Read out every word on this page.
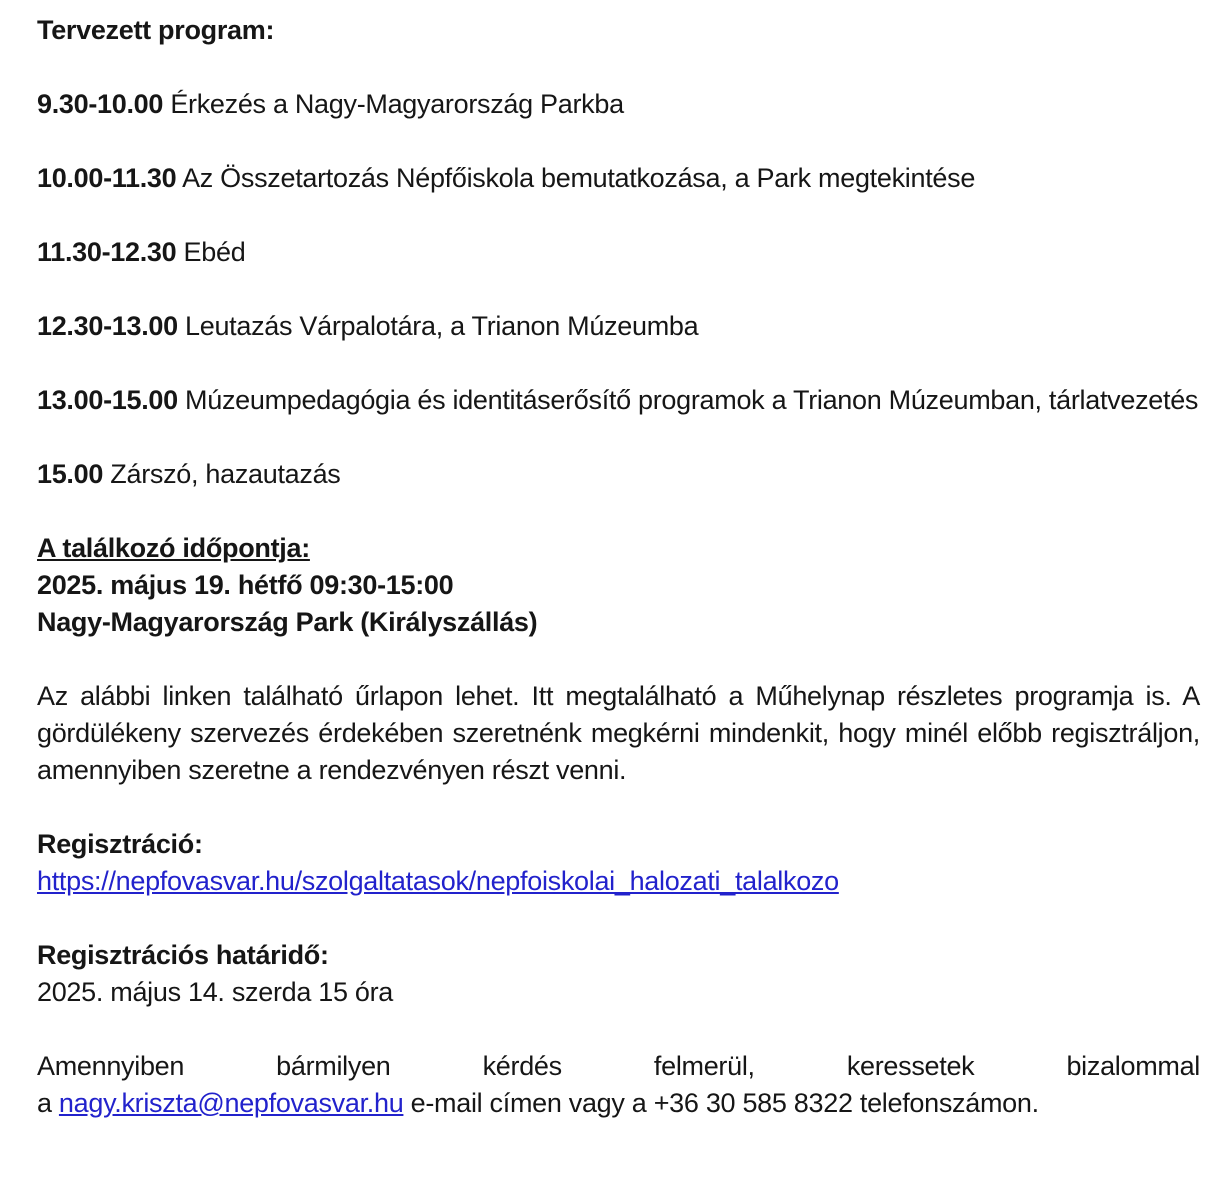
Tervezett program:

9.30-10.00 Érkezés a Nagy-Magyarország Parkba

10.00-11.30 Az Összetartozás Népfőiskola bemutatkozása, a Park megtekintése

11.30-12.30 Ebéd

12.30-13.00 Leutazás Várpalotára, a Trianon Múzeumba

13.00-15.00 Múzeumpedagógia és identitáserősítő programok a Trianon Múzeumban, tárlatvezetés

15.00 Zárszó, hazautazás

A találkozó időpontja:

2025. május 19. hétfő 09:30-15:00

Nagy-Magyarország Park (Királyszállás)

Az alábbi linken található űrlapon lehet. Itt megtalálható a Műhelynap részletes programja is. A gördülékeny szervezés érdekében szeretnénk megkérni mindenkit, hogy minél előbb regisztráljon, amennyiben szeretne a rendezvényen részt venni.

Regisztráció:

https://nepfovasvar.hu/szolgaltatasok/nepfoiskolai_halozati_talalkozo

Regisztrációs határidő:

2025. május 14. szerda 15 óra

Amennyiben bármilyen kérdés felmerül, keressetek bizalommal

a nagy.kriszta@nepfovasvar.hu e-mail címen vagy a +36 30 585 8322 telefonszámon.
